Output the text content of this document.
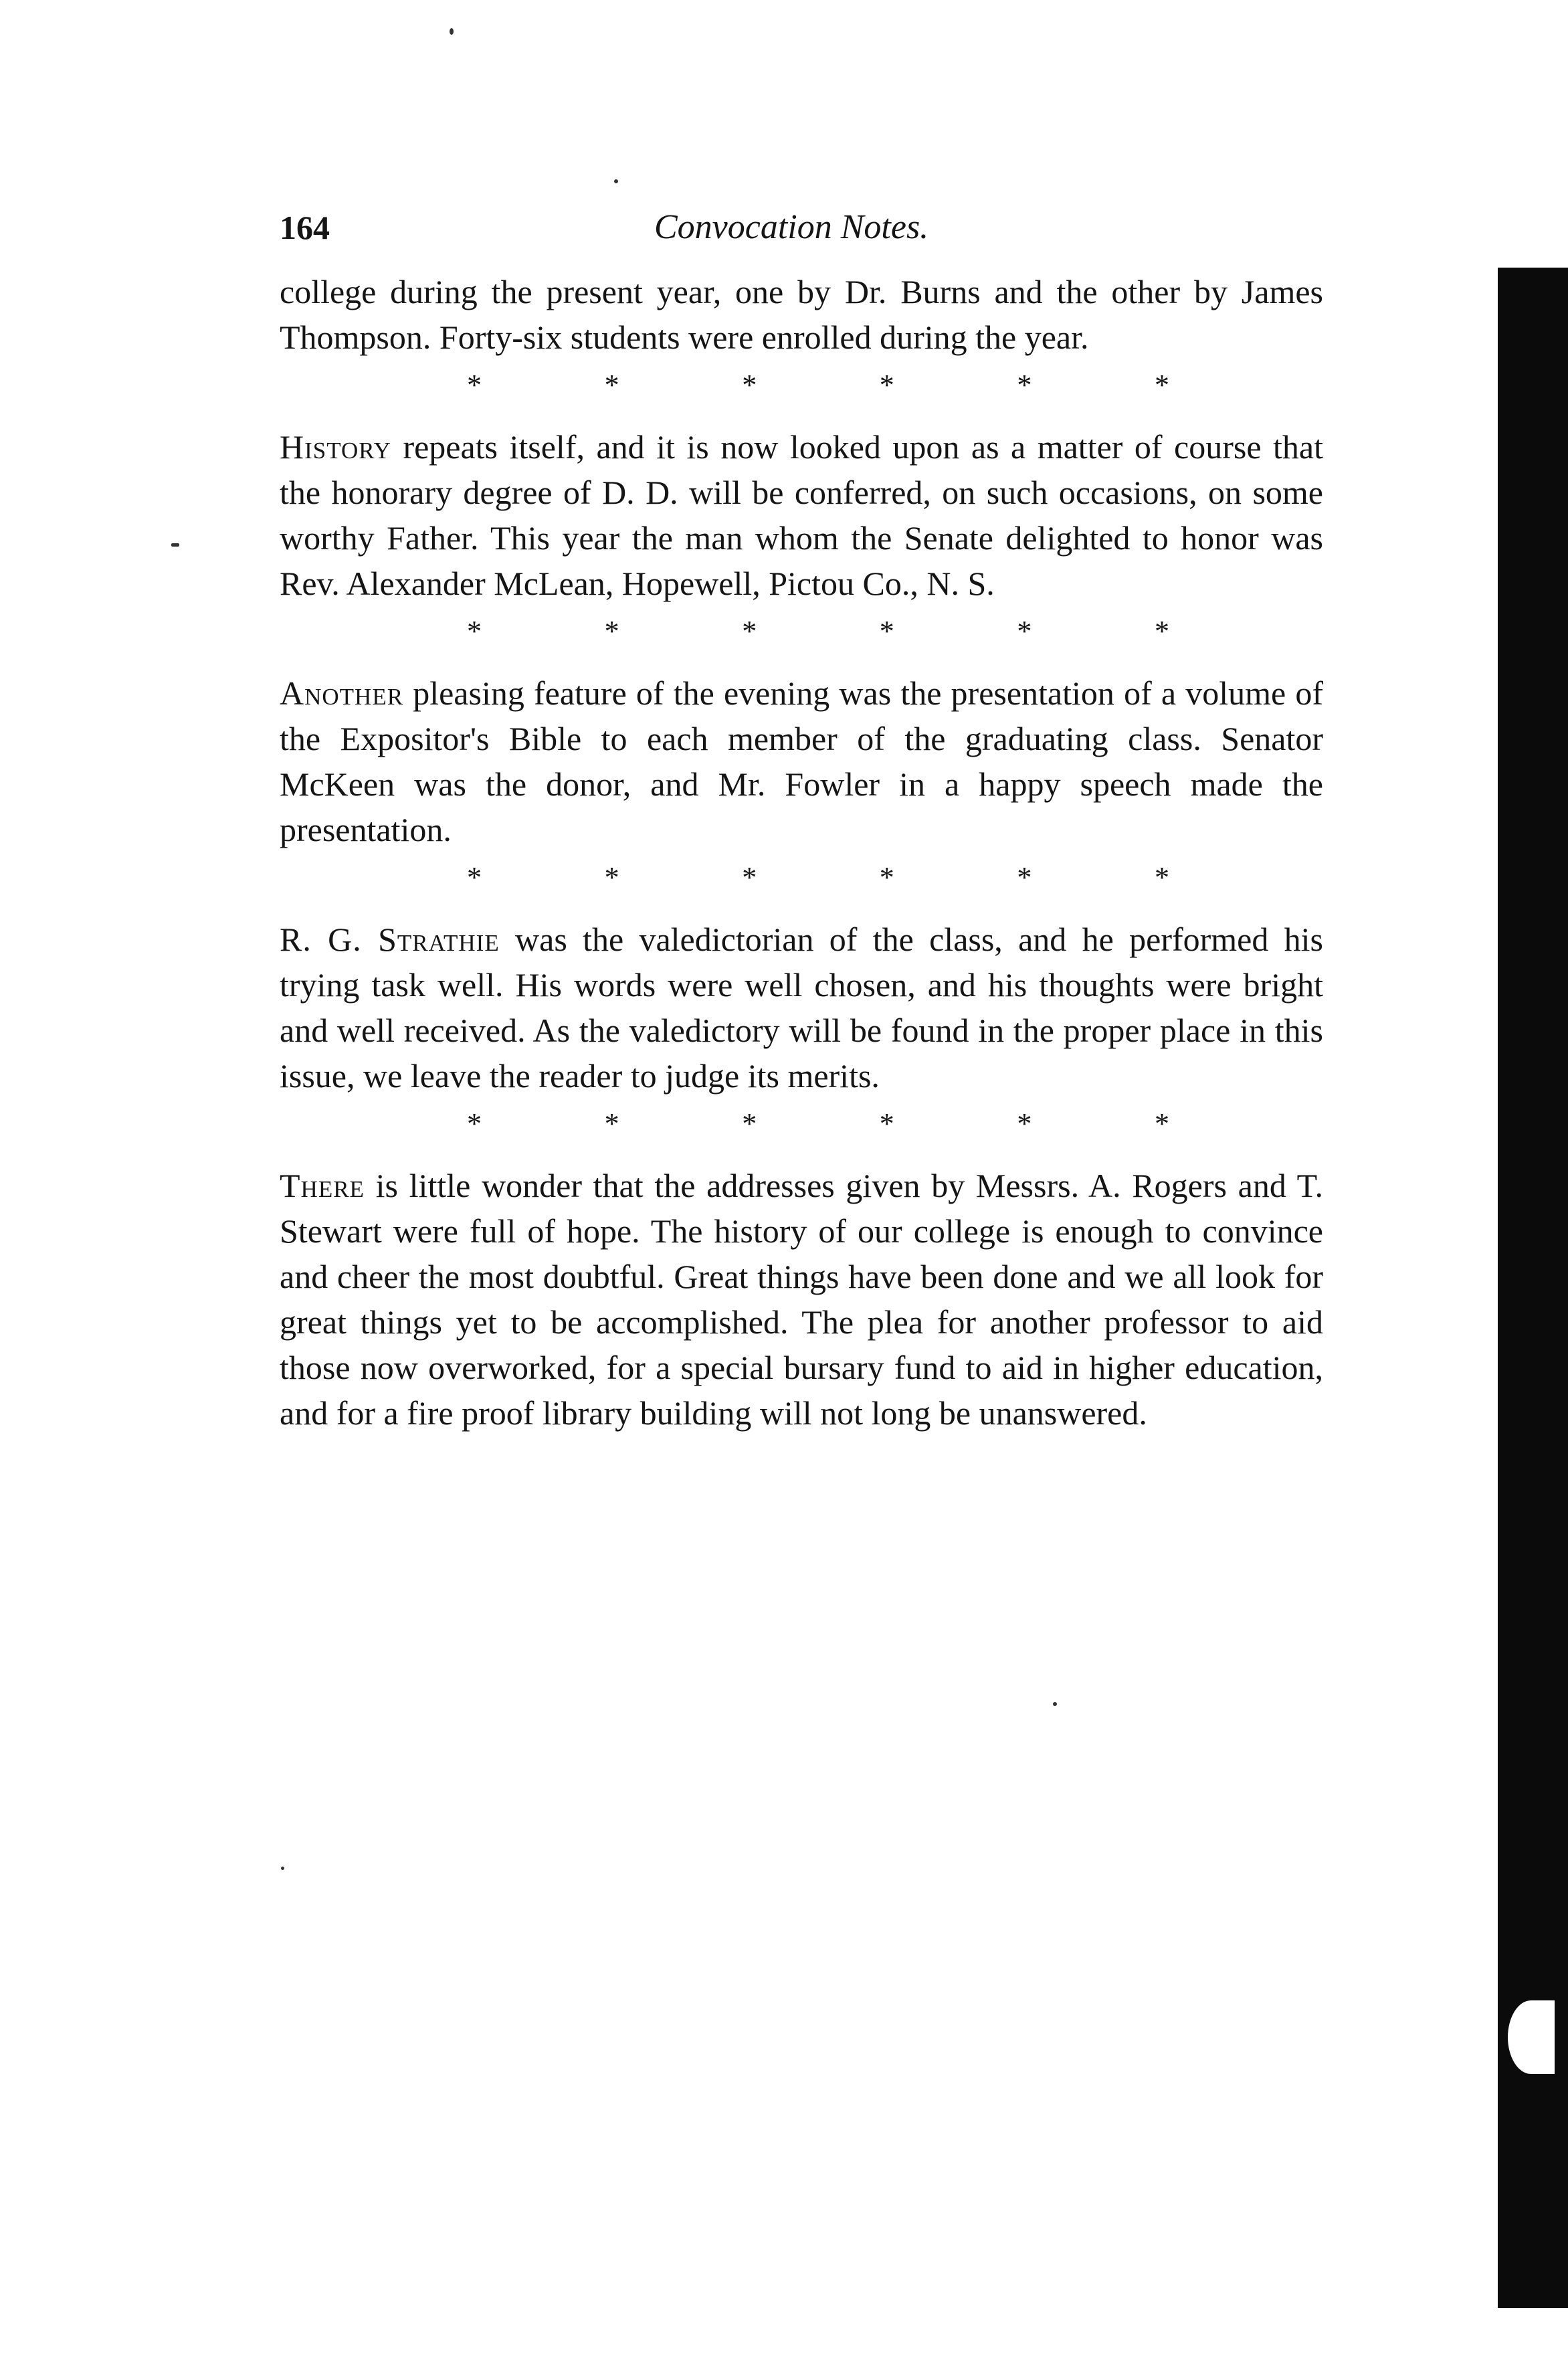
164	Convocation Notes.

college during the present year, one by Dr. Burns and the other by James Thompson. Forty-six students were enrolled during the year.

*	*	*	*	*	*

History repeats itself, and it is now looked upon as a matter of course that the honorary degree of D. D. will be conferred, on such occasions, on some worthy Father. This year the man whom the Senate delighted to honor was Rev. Alexander McLean, Hopewell, Pictou Co., N. S.

*	*	*	*	*	*

Another pleasing feature of the evening was the presentation of a volume of the Expositor's Bible to each member of the graduating class. Senator McKeen was the donor, and Mr. Fowler in a happy speech made the presentation.

*	*	*	*	*	*

R. G. Strathie was the valedictorian of the class, and he performed his trying task well. His words were well chosen, and his thoughts were bright and well received. As the valedictory will be found in the proper place in this issue, we leave the reader to judge its merits.

*	*	*	*	*	*

There is little wonder that the addresses given by Messrs. A. Rogers and T. Stewart were full of hope. The history of our college is enough to convince and cheer the most doubtful. Great things have been done and we all look for great things yet to be accomplished. The plea for another professor to aid those now overworked, for a special bursary fund to aid in higher education, and for a fire proof library building will not long be unanswered.
